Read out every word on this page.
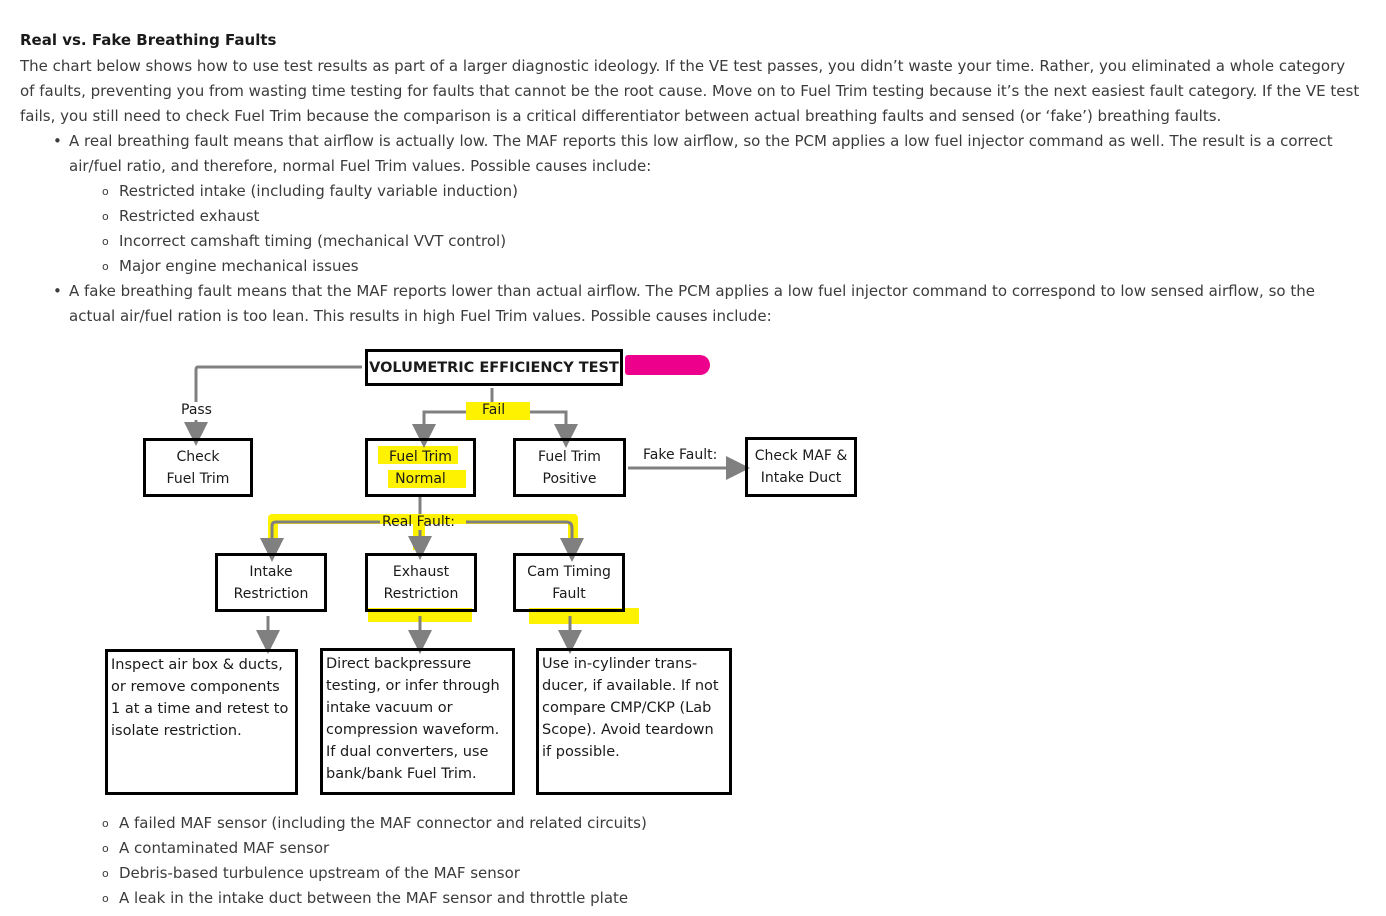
Real vs. Fake Breathing Faults

The chart below shows how to use test results as part of a larger diagnostic ideology. If the VE test passes, you didn’t waste your time. Rather, you eliminated a whole category of faults, preventing you from wasting time testing for faults that cannot be the root cause. Move on to Fuel Trim testing because it’s the next easiest fault category. If the VE test fails, you still need to check Fuel Trim because the comparison is a critical differentiator between actual breathing faults and sensed (or ‘fake’) breathing faults.

• A real breathing fault means that airflow is actually low. The MAF reports this low airflow, so the PCM applies a low fuel injector command as well. The result is a correct air/fuel ratio, and therefore, normal Fuel Trim values. Possible causes include:
o Restricted intake (including faulty variable induction)
o Restricted exhaust
o Incorrect camshaft timing (mechanical VVT control)
o Major engine mechanical issues
• A fake breathing fault means that the MAF reports lower than actual airflow. The PCM applies a low fuel injector command to correspond to low sensed airflow, so the actual air/fuel ration is too lean. This results in high Fuel Trim values. Possible causes include:
VOLUMETRIC EFFICIENCY TEST
Pass	Fail
Check
Fuel Trim
Fuel Trim
Normal
Fuel Trim
Positive
Fake Fault:	Check MAF &
Intake Duct
Real Fault:
Intake
Restriction
Exhaust
Restriction
Cam Timing
Fault
Inspect air box & ducts,
or remove components
1 at a time and retest to
isolate restriction.
Direct backpressure
testing, or infer through
intake vacuum or
compression waveform.
If dual converters, use
bank/bank Fuel Trim.
Use in-cylinder trans-
ducer, if available. If not
compare CMP/CKP (Lab
Scope). Avoid teardown
if possible.
o A failed MAF sensor (including the MAF connector and related circuits)
o A contaminated MAF sensor
o Debris-based turbulence upstream of the MAF sensor
o A leak in the intake duct between the MAF sensor and throttle plate
